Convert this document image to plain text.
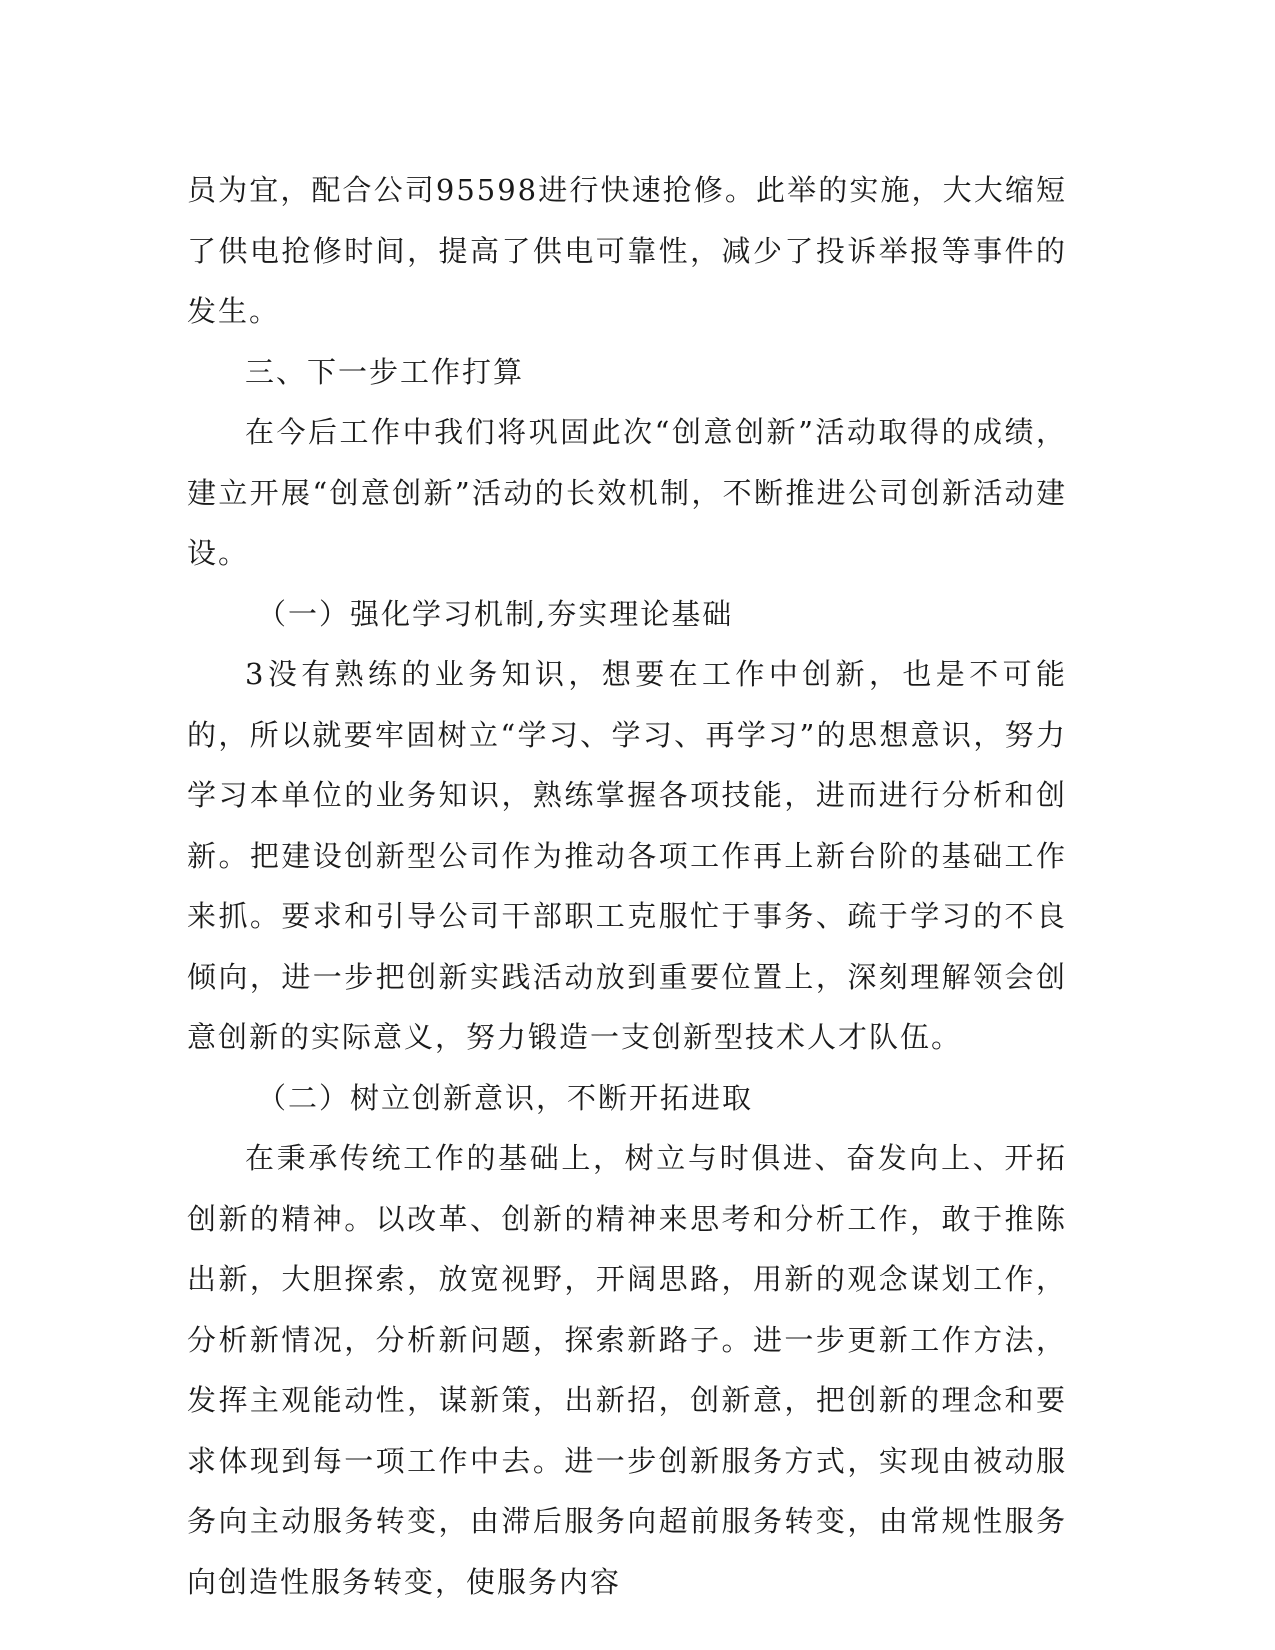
员为宜，配合公司95598进行快速抢修。此举的实施，大大缩短了供电抢修时间，提高了供电可靠性，减少了投诉举报等事件的发生。

三、下一步工作打算

在今后工作中我们将巩固此次“创意创新”活动取得的成绩，建立开展“创意创新”活动的长效机制，不断推进公司创新活动建设。

（一）强化学习机制,夯实理论基础

3没有熟练的业务知识，想要在工作中创新，也是不可能的，所以就要牢固树立“学习、学习、再学习”的思想意识，努力学习本单位的业务知识，熟练掌握各项技能，进而进行分析和创新。把建设创新型公司作为推动各项工作再上新台阶的基础工作来抓。要求和引导公司干部职工克服忙于事务、疏于学习的不良倾向，进一步把创新实践活动放到重要位置上，深刻理解领会创意创新的实际意义，努力锻造一支创新型技术人才队伍。

（二）树立创新意识，不断开拓进取

在秉承传统工作的基础上，树立与时俱进、奋发向上、开拓创新的精神。以改革、创新的精神来思考和分析工作，敢于推陈出新，大胆探索，放宽视野，开阔思路，用新的观念谋划工作，分析新情况，分析新问题，探索新路子。进一步更新工作方法，发挥主观能动性，谋新策，出新招，创新意，把创新的理念和要求体现到每一项工作中去。进一步创新服务方式，实现由被动服务向主动服务转变，由滞后服务向超前服务转变，由常规性服务向创造性服务转变，使服务内容
